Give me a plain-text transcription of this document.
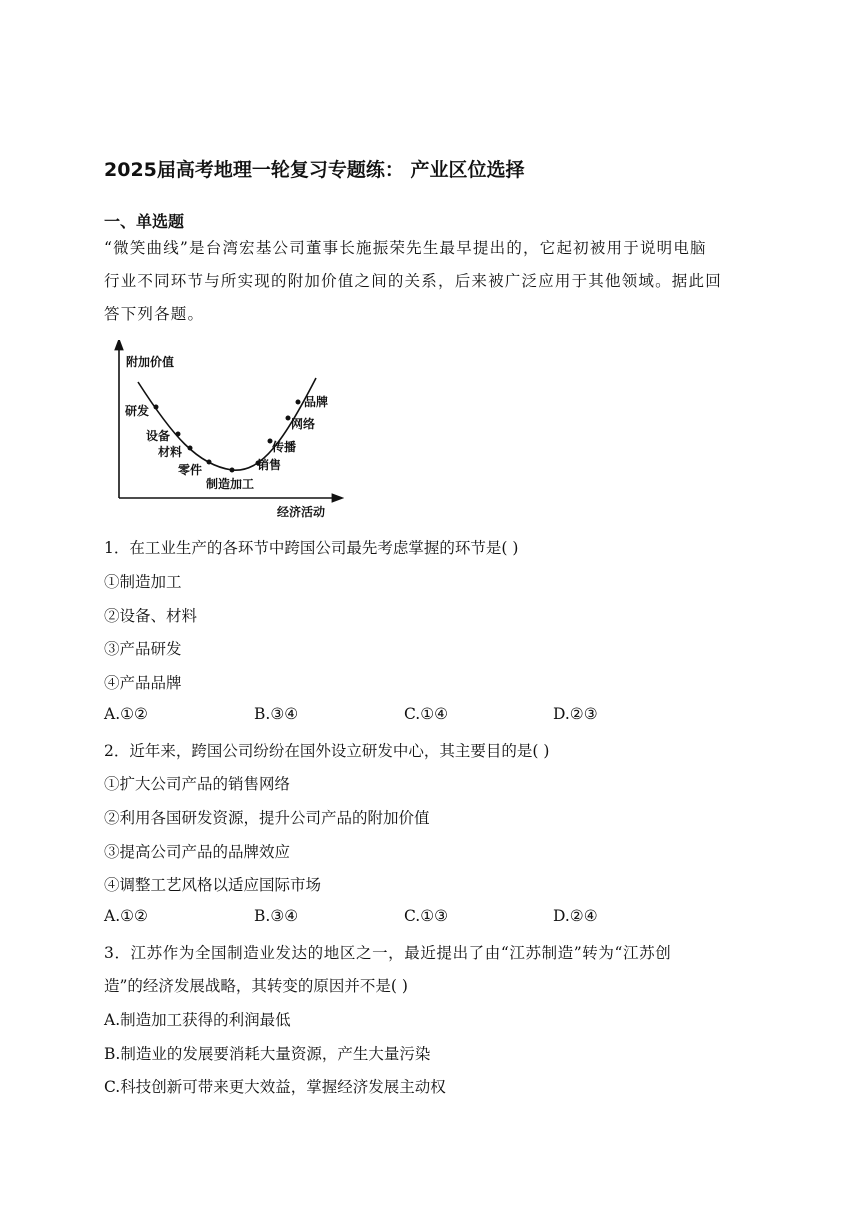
2025届高考地理一轮复习专题练： 产业区位选择
一、单选题
“微笑曲线”是台湾宏基公司董事长施振荣先生最早提出的，它起初被用于说明电脑
行业不同环节与所实现的附加价值之间的关系，后来被广泛应用于其他领域。据此回
答下列各题。
附加价值
经济活动
研发
设备
材料
零件
制造加工
销售
传播
网络
品牌
1．在工业生产的各环节中跨国公司最先考虑掌握的环节是( )
①制造加工
②设备、材料
③产品研发
④产品品牌
A.①②	B.③④	C.①④	D.②③
2．近年来，跨国公司纷纷在国外设立研发中心，其主要目的是( )
①扩大公司产品的销售网络
②利用各国研发资源，提升公司产品的附加价值
③提高公司产品的品牌效应
④调整工艺风格以适应国际市场
A.①②	B.③④	C.①③	D.②④
3．江苏作为全国制造业发达的地区之一，最近提出了由“江苏制造”转为“江苏创
造”的经济发展战略，其转变的原因并不是( )
A.制造加工获得的利润最低
B.制造业的发展要消耗大量资源，产生大量污染
C.科技创新可带来更大效益，掌握经济发展主动权
